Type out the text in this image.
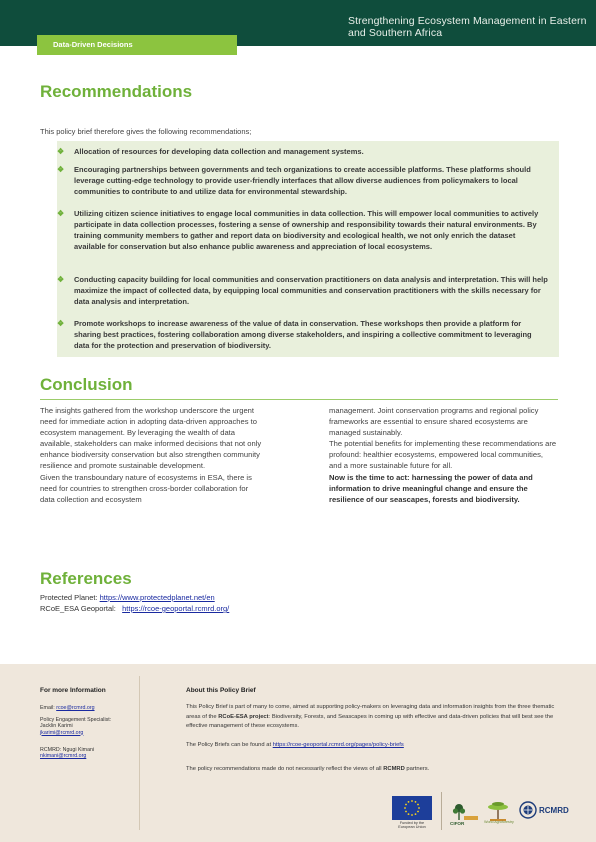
Strengthening Ecosystem Management in Eastern and Southern Africa
Data-Driven Decisions
Recommendations
This policy brief therefore gives the following recommendations;
❖ Allocation of resources for developing data collection and management systems.
❖ Encouraging partnerships between governments and tech organizations to create accessible platforms. These platforms should leverage cutting-edge technology to provide user-friendly interfaces that allow diverse audiences from policymakers to local communities to contribute to and utilize data for environmental stewardship.
❖ Utilizing citizen science initiatives to engage local communities in data collection. This will empower local communities to actively participate in data collection processes, fostering a sense of ownership and responsibility towards their natural environments. By training community members to gather and report data on biodiversity and ecological health, we not only enrich the dataset available for conservation but also enhance public awareness and appreciation of local ecosystems.
❖ Conducting capacity building for local communities and conservation practitioners on data analysis and interpretation. This will help maximize the impact of collected data, by equipping local communities and conservation practitioners with the skills necessary for data analysis and interpretation.
❖ Promote workshops to increase awareness of the value of data in conservation. These workshops then provide a platform for sharing best practices, fostering collaboration among diverse stakeholders, and inspiring a collective commitment to leveraging data for the protection and preservation of biodiversity.
Conclusion

The insights gathered from the workshop underscore the urgent need for immediate action in adopting data-driven approaches to ecosystem management. By leveraging the wealth of data available, stakeholders can make informed decisions that not only enhance biodiversity conservation but also strengthen community resilience and promote sustainable development.

Given the transboundary nature of ecosystems in ESA, there is need for countries to strengthen cross-border collaboration for data collection and ecosystem

management. Joint conservation programs and regional policy frameworks are essential to ensure shared ecosystems are managed sustainably.

The potential benefits for implementing these recommendations are profound: healthier ecosystems, empowered local communities, and a more sustainable future for all.

Now is the time to act: harnessing the power of data and information to drive meaningful change and ensure the resilience of our seascapes, forests and biodiversity.

References
Protected Planet: https://www.protectedplanet.net/en
RCoE_ESA Geoportal:   https://rcoe-geoportal.rcmrd.org/
For more Information
Email: rcoe@rcmrd.org
Policy Engagement Specialist:
Jacklin Karimi
jkarimi@rcmrd.org
RCMRD: Ngugi Kimani
nkimani@rcmrd.org
About this Policy Brief
This Policy Brief is part of many to come, aimed at supporting policy-makers on leveraging data and information insights from the three thematic areas of the RCoE-ESA project: Biodiversity, Forests, and Seascapes in coming up with effective and data-driven policies that will best see the effective management of these ecosystems.
The Policy Briefs can be found at https://rcoe-geoportal.rcmrd.org/pages/policy-briefs
The policy recommendations made do not necessarily reflect the views of all RCMRD partners.
Funded by the European Union
CIFOR	World Agroforestry
RCMRD
